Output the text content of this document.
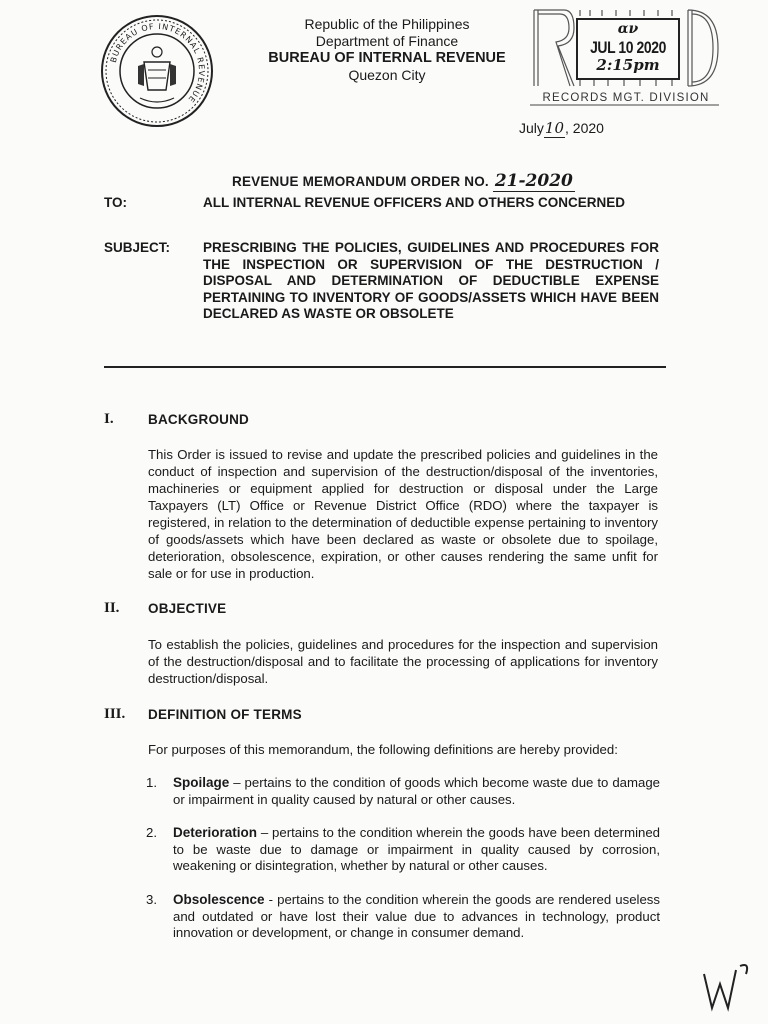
BUREAU OF INTERNAL REVENUE
Republic of the Philippines
Department of Finance
BUREAU OF INTERNAL REVENUE
Quezon City
αν
JUL 10 2020
2:15pm
RECORDS MGT. DIVISION
July10, 2020
REVENUE MEMORANDUM ORDER NO. 21-2020
TO:	ALL INTERNAL REVENUE OFFICERS AND OTHERS CONCERNED
SUBJECT: PRESCRIBING THE POLICIES, GUIDELINES AND PROCEDURES FOR THE INSPECTION OR SUPERVISION OF THE DESTRUCTION / DISPOSAL AND DETERMINATION OF DEDUCTIBLE EXPENSE PERTAINING TO INVENTORY OF GOODS/ASSETS WHICH HAVE BEEN DECLARED AS WASTE OR OBSOLETE
I.	BACKGROUND
This Order is issued to revise and update the prescribed policies and guidelines in the conduct of inspection and supervision of the destruction/disposal of the inventories, machineries or equipment applied for destruction or disposal under the Large Taxpayers (LT) Office or Revenue District Office (RDO) where the taxpayer is registered, in relation to the determination of deductible expense pertaining to inventory of goods/assets which have been declared as waste or obsolete due to spoilage, deterioration, obsolescence, expiration, or other causes rendering the same unfit for sale or for use in production.
II. OBJECTIVE
To establish the policies, guidelines and procedures for the inspection and supervision of the destruction/disposal and to facilitate the processing of applications for inventory destruction/disposal.
III. DEFINITION OF TERMS
For purposes of this memorandum, the following definitions are hereby provided:
1. Spoilage – pertains to the condition of goods which become waste due to damage or impairment in quality caused by natural or other causes.
2. Deterioration – pertains to the condition wherein the goods have been determined to be waste due to damage or impairment in quality caused by corrosion, weakening or disintegration, whether by natural or other causes.
3. Obsolescence - pertains to the condition wherein the goods are rendered useless and outdated or have lost their value due to advances in technology, product innovation or development, or change in consumer demand.
